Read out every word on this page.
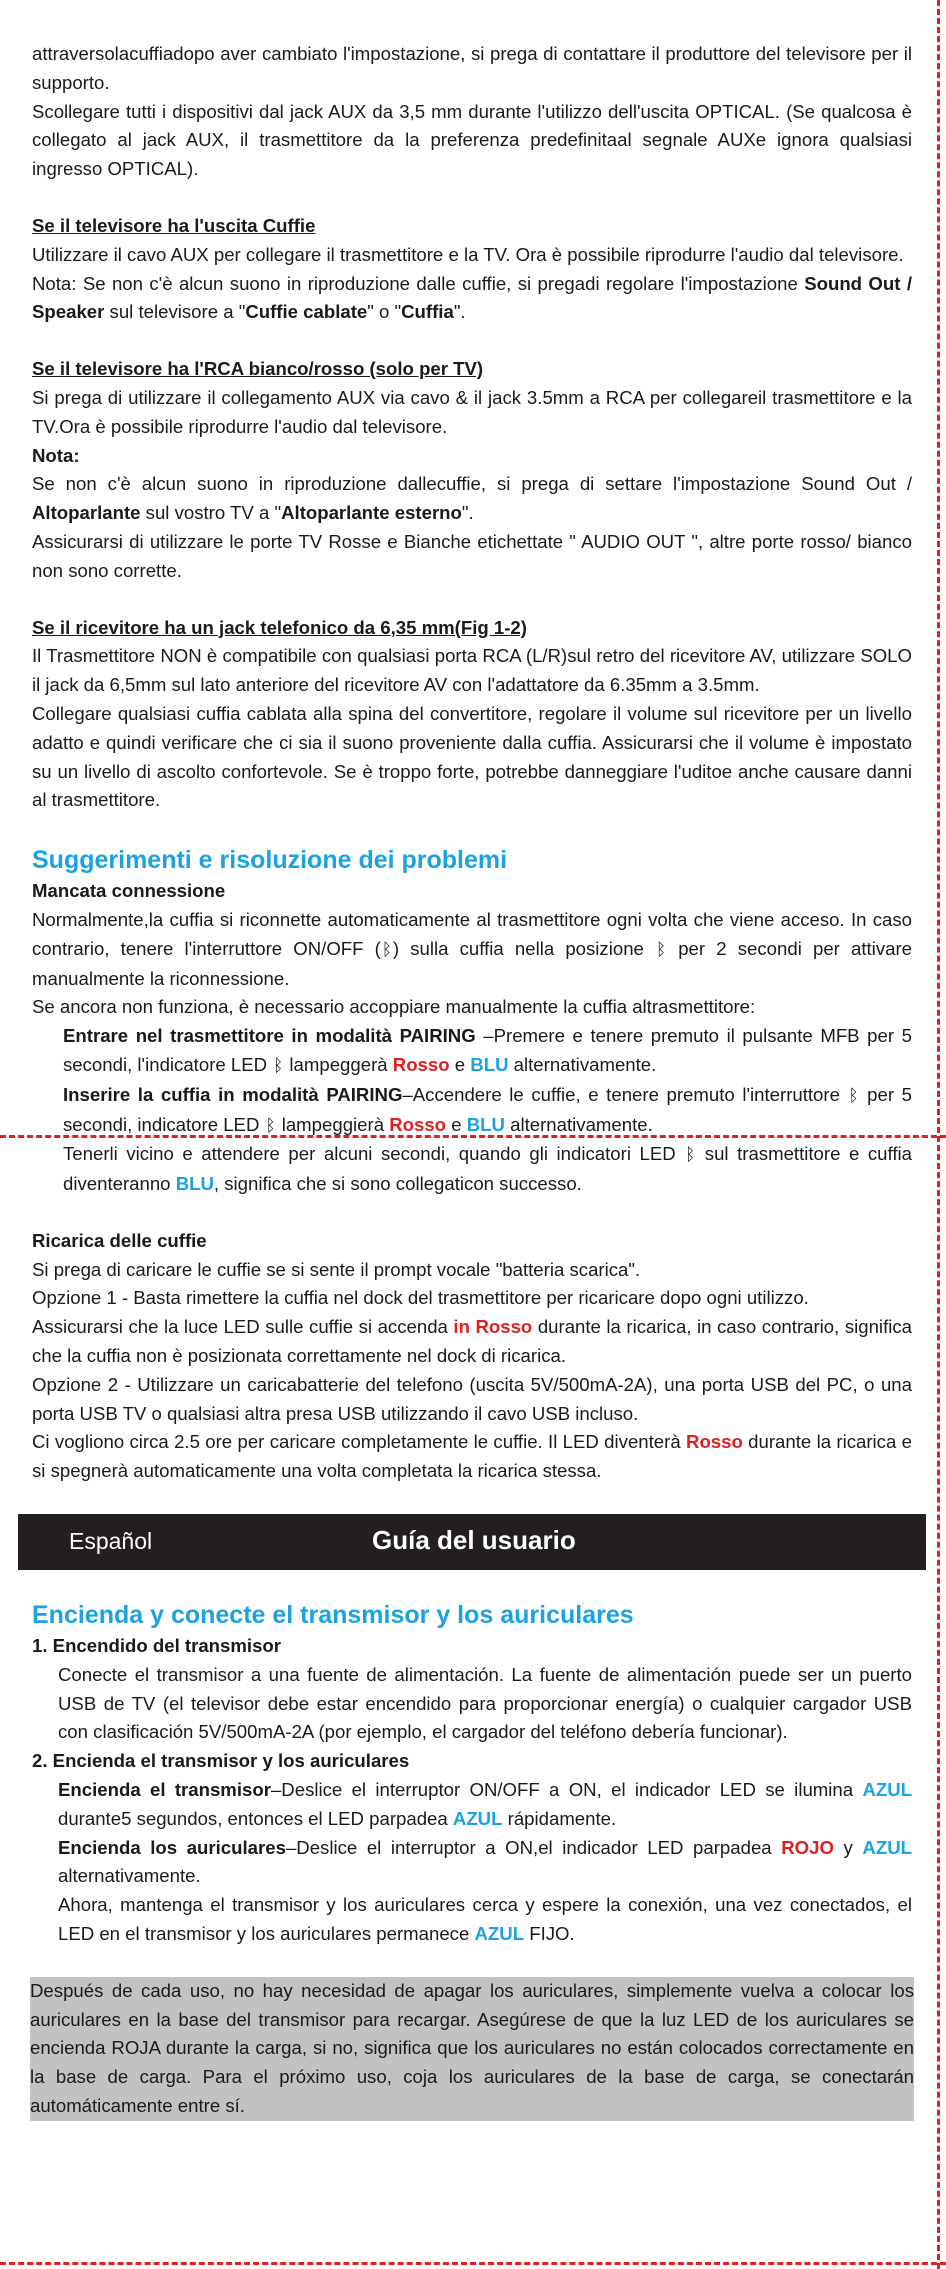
attraversolacuffiadopo aver cambiato l'impostazione, si prega di contattare il produttore del televisore per il supporto.

Scollegare tutti i dispositivi dal jack AUX da 3,5 mm durante l'utilizzo dell'uscita OPTICAL. (Se qualcosa è collegato al jack AUX, il trasmettitore da la preferenza predefinitaal segnale AUXe ignora qualsiasi ingresso OPTICAL).

Se il televisore ha l'uscita Cuffie

Utilizzare il cavo AUX per collegare il trasmettitore e la TV. Ora è possibile riprodurre l'audio dal televisore.

Nota: Se non c'è alcun suono in riproduzione dalle cuffie, si pregadi regolare l'impostazione Sound Out / Speaker sul televisore a "Cuffie cablate" o "Cuffia".

Se il televisore ha l'RCA bianco/rosso (solo per TV)

Si prega di utilizzare il collegamento AUX via cavo & il jack 3.5mm a RCA per collegareil trasmettitore e la TV.Ora è possibile riprodurre l'audio dal televisore.

Nota:

Se non c'è alcun suono in riproduzione dallecuffie, si prega di settare l'impostazione Sound Out / Altoparlante sul vostro TV a "Altoparlante esterno".

Assicurarsi di utilizzare le porte TV Rosse e Bianche etichettate " AUDIO OUT ", altre porte rosso/ bianco non sono corrette.

Se il ricevitore ha un jack telefonico da 6,35 mm(Fig 1-2)

Il Trasmettitore NON è compatibile con qualsiasi porta RCA (L/R)sul retro del ricevitore AV, utilizzare SOLO il jack da 6,5mm sul lato anteriore del ricevitore AV con l'adattatore da 6.35mm a 3.5mm.

Collegare qualsiasi cuffia cablata alla spina del convertitore, regolare il volume sul ricevitore per un livello adatto e quindi verificare che ci sia il suono proveniente dalla cuffia. Assicurarsi che il volume è impostato su un livello di ascolto confortevole. Se è troppo forte, potrebbe danneggiare l'uditoe anche causare danni al trasmettitore.

Suggerimenti e risoluzione dei problemi

Mancata connessione

Normalmente,la cuffia si riconnette automaticamente al trasmettitore ogni volta che viene acceso. In caso contrario, tenere l'interruttore ON/OFF (ᛒ) sulla cuffia nella posizione ᛒ per 2 secondi per attivare manualmente la riconnessione.

Se ancora non funziona, è necessario accoppiare manualmente la cuffia altrasmettitore:

Entrare nel trasmettitore in modalità PAIRING –Premere e tenere premuto il pulsante MFB per 5 secondi, l'indicatore LED ᛒ lampeggerà Rosso e BLU alternativamente.

Inserire la cuffia in modalità PAIRING–Accendere le cuffie, e tenere premuto l'interruttore ᛒ per 5 secondi, indicatore LED ᛒ lampeggierà Rosso e BLU alternativamente.

Tenerli vicino e attendere per alcuni secondi, quando gli indicatori LED ᛒ sul trasmettitore e cuffia diventeranno BLU, significa che si sono collegaticon successo.

Ricarica delle cuffie

Si prega di caricare le cuffie se si sente il prompt vocale "batteria scarica".

Opzione 1 - Basta rimettere la cuffia nel dock del trasmettitore per ricaricare dopo ogni utilizzo.

Assicurarsi che la luce LED sulle cuffie si accenda in Rosso durante la ricarica, in caso contrario, significa che la cuffia non è posizionata correttamente nel dock di ricarica.

Opzione 2 - Utilizzare un caricabatterie del telefono (uscita 5V/500mA-2A), una porta USB del PC, o una porta USB TV o qualsiasi altra presa USB utilizzando il cavo USB incluso.

Ci vogliono circa 2.5 ore per caricare completamente le cuffie. Il LED diventerà Rosso durante la ricarica e si spegnerà automaticamente una volta completata la ricarica stessa.

Español	Guía del usuario
Encienda y conecte el transmisor y los auriculares

1. Encendido del transmisor

Conecte el transmisor a una fuente de alimentación. La fuente de alimentación puede ser un puerto USB de TV (el televisor debe estar encendido para proporcionar energía) o cualquier cargador USB con clasificación 5V/500mA-2A (por ejemplo, el cargador del teléfono debería funcionar).

2. Encienda el transmisor y los auriculares

Encienda el transmisor–Deslice el interruptor ON/OFF a ON, el indicador LED se ilumina AZUL durante5 segundos, entonces el LED parpadea AZUL rápidamente.

Encienda los auriculares–Deslice el interruptor a ON,el indicador LED parpadea ROJO y AZUL alternativamente.

Ahora, mantenga el transmisor y los auriculares cerca y espere la conexión, una vez conectados, el LED en el transmisor y los auriculares permanece AZUL FIJO.

Después de cada uso, no hay necesidad de apagar los auriculares, simplemente vuelva a colocar los auriculares en la base del transmisor para recargar. Asegúrese de que la luz LED de los auriculares se encienda ROJA durante la carga, si no, significa que los auriculares no están colocados correctamente en la base de carga. Para el próximo uso, coja los auriculares de la base de carga, se conectarán automáticamente entre sí.
